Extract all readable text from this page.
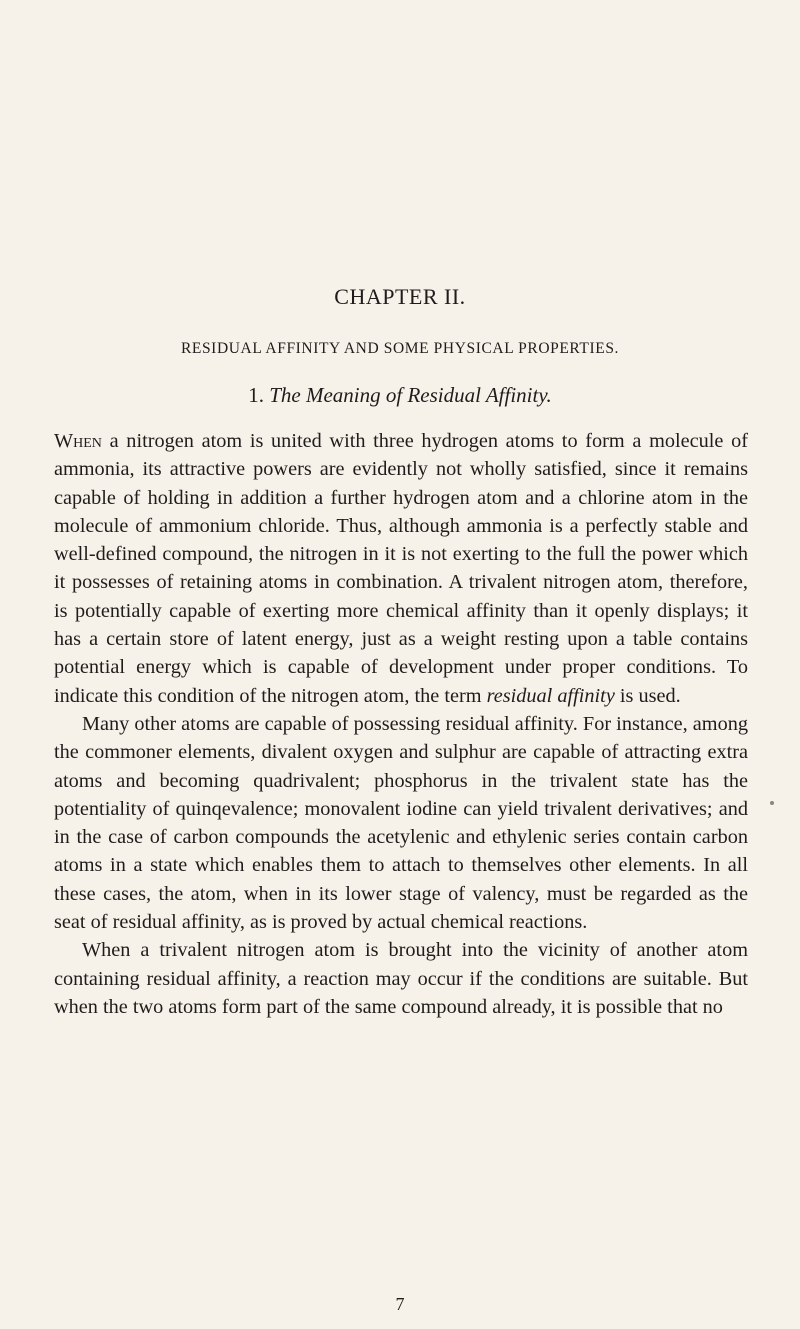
CHAPTER II.
RESIDUAL AFFINITY AND SOME PHYSICAL PROPERTIES.
1. The Meaning of Residual Affinity.

When a nitrogen atom is united with three hydrogen atoms to form a molecule of ammonia, its attractive powers are evidently not wholly satisfied, since it remains capable of holding in addition a further hydrogen atom and a chlorine atom in the molecule of ammonium chloride. Thus, although ammonia is a perfectly stable and well-defined compound, the nitrogen in it is not exerting to the full the power which it possesses of retaining atoms in combination. A trivalent nitrogen atom, therefore, is potentially capable of exerting more chemical affinity than it openly displays; it has a certain store of latent energy, just as a weight resting upon a table contains potential energy which is capable of development under proper conditions. To indicate this condition of the nitrogen atom, the term residual affinity is used.

Many other atoms are capable of possessing residual affinity. For instance, among the commoner elements, divalent oxygen and sulphur are capable of attracting extra atoms and becoming quadrivalent; phosphorus in the trivalent state has the potentiality of quinqevalence; monovalent iodine can yield trivalent derivatives; and in the case of carbon compounds the acetylenic and ethylenic series contain carbon atoms in a state which enables them to attach to themselves other elements. In all these cases, the atom, when in its lower stage of valency, must be regarded as the seat of residual affinity, as is proved by actual chemical reactions.

When a trivalent nitrogen atom is brought into the vicinity of another atom containing residual affinity, a reaction may occur if the conditions are suitable. But when the two atoms form part of the same compound already, it is possible that no

7
